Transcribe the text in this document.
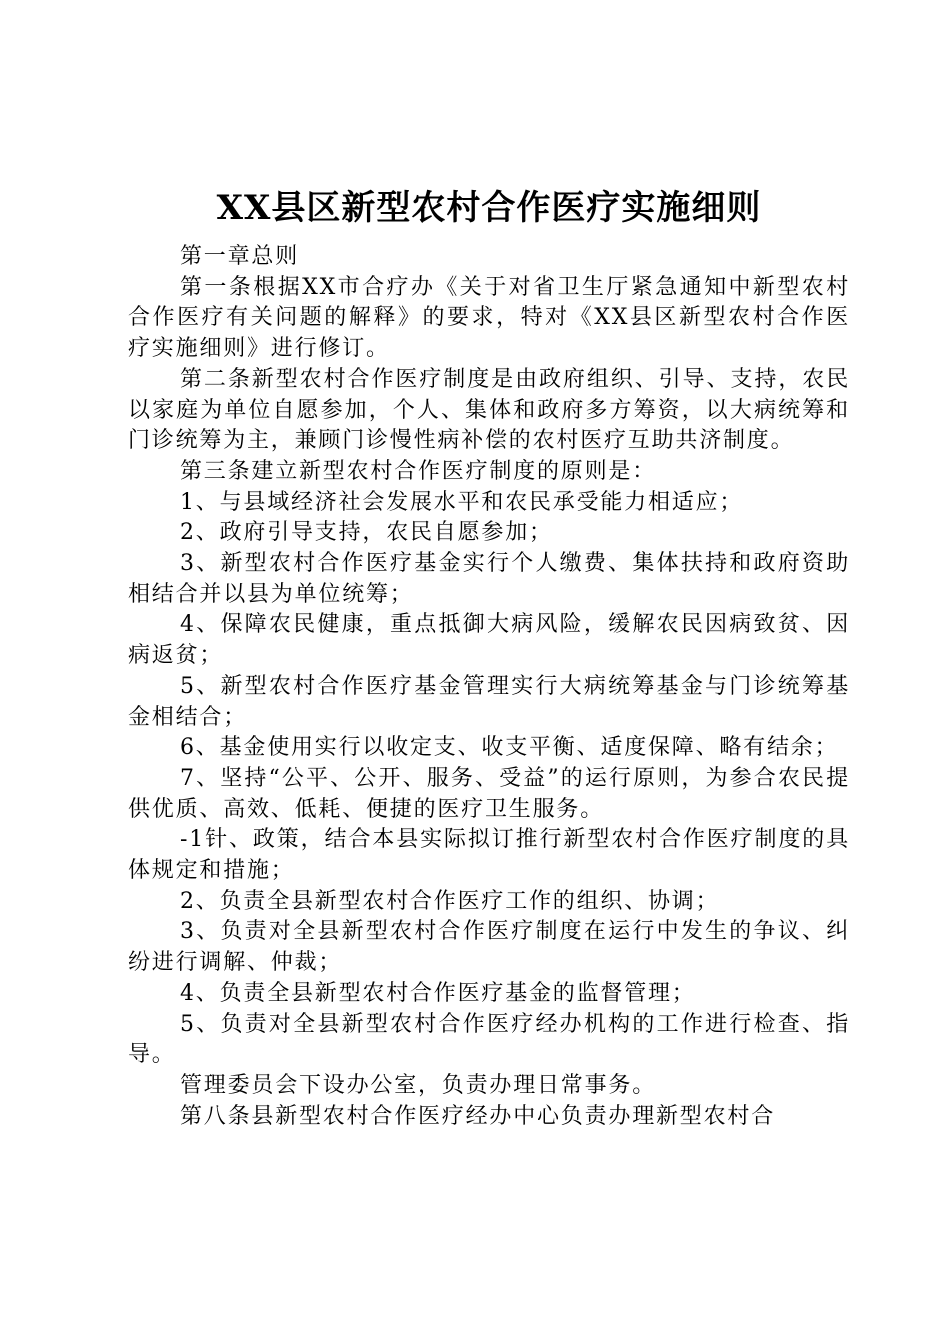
XX县区新型农村合作医疗实施细则

第一章总则

第一条根据XX市合疗办《关于对省卫生厅紧急通知中新型农村合作医疗有关问题的解释》的要求，特对《XX县区新型农村合作医疗实施细则》进行修订。

第二条新型农村合作医疗制度是由政府组织、引导、支持，农民以家庭为单位自愿参加，个人、集体和政府多方筹资，以大病统筹和门诊统筹为主，兼顾门诊慢性病补偿的农村医疗互助共济制度。

第三条建立新型农村合作医疗制度的原则是：

1、与县域经济社会发展水平和农民承受能力相适应；

2、政府引导支持，农民自愿参加；

3、新型农村合作医疗基金实行个人缴费、集体扶持和政府资助相结合并以县为单位统筹；

4、保障农民健康，重点抵御大病风险，缓解农民因病致贫、因病返贫；

5、新型农村合作医疗基金管理实行大病统筹基金与门诊统筹基金相结合；

6、基金使用实行以收定支、收支平衡、适度保障、略有结余；

7、坚持“公平、公开、服务、受益”的运行原则，为参合农民提供优质、高效、低耗、便捷的医疗卫生服务。

-1针、政策，结合本县实际拟订推行新型农村合作医疗制度的具体规定和措施；

2、负责全县新型农村合作医疗工作的组织、协调；

3、负责对全县新型农村合作医疗制度在运行中发生的争议、纠纷进行调解、仲裁；

4、负责全县新型农村合作医疗基金的监督管理；

5、负责对全县新型农村合作医疗经办机构的工作进行检查、指导。

管理委员会下设办公室，负责办理日常事务。

第八条县新型农村合作医疗经办中心负责办理新型农村合
